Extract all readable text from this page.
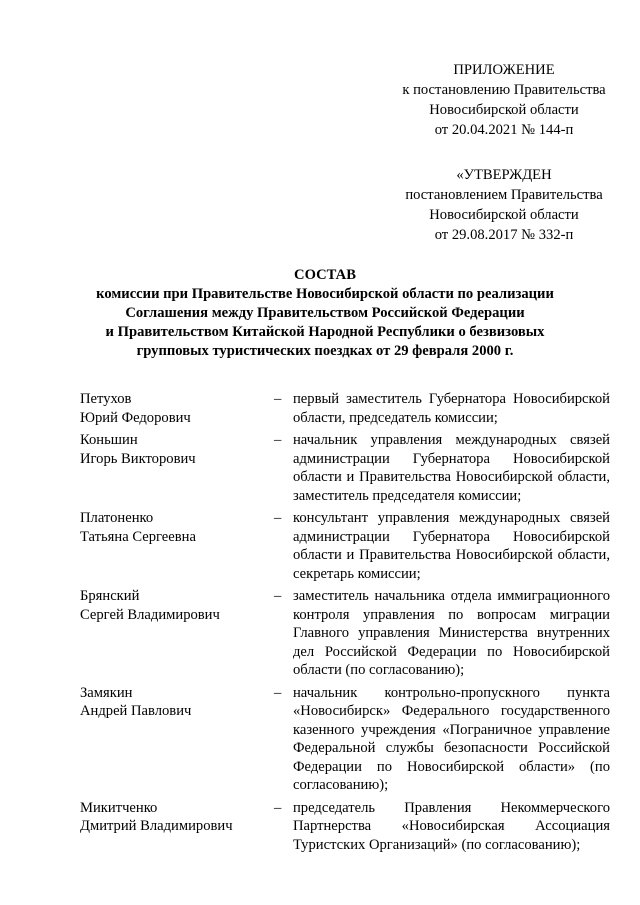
ПРИЛОЖЕНИЕ
к постановлению Правительства
Новосибирской области
от 20.04.2021 № 144-п
«УТВЕРЖДЕН
постановлением Правительства
Новосибирской области
от 29.08.2017 № 332-п
СОСТАВ
комиссии при Правительстве Новосибирской области по реализации
Соглашения между Правительством Российской Федерации
и Правительством Китайской Народной Республики о безвизовых
групповых туристических поездках от 29 февраля 2000 г.
Петухов
Юрий Федорович
– первый заместитель Губернатора Новосибирской области, председатель комиссии;
Коньшин
Игорь Викторович
– начальник управления международных связей администрации Губернатора Новосибирской области и Правительства Новосибирской области, заместитель председателя комиссии;
Платоненко
Татьяна Сергеевна
– консультант управления международных связей администрации Губернатора Новосибирской области и Правительства Новосибирской области, секретарь комиссии;
Брянский
Сергей Владимирович
– заместитель начальника отдела иммиграционного контроля управления по вопросам миграции Главного управления Министерства внутренних дел Российской Федерации по Новосибирской области (по согласованию);
Замякин
Андрей Павлович
– начальник контрольно-пропускного пункта «Новосибирск» Федерального государственного казенного учреждения «Пограничное управление Федеральной службы безопасности Российской Федерации по Новосибирской области» (по согласованию);
Микитченко
Дмитрий Владимирович
– председатель Правления Некоммерческого Партнерства «Новосибирская Ассоциация Туристских Организаций» (по согласованию);
